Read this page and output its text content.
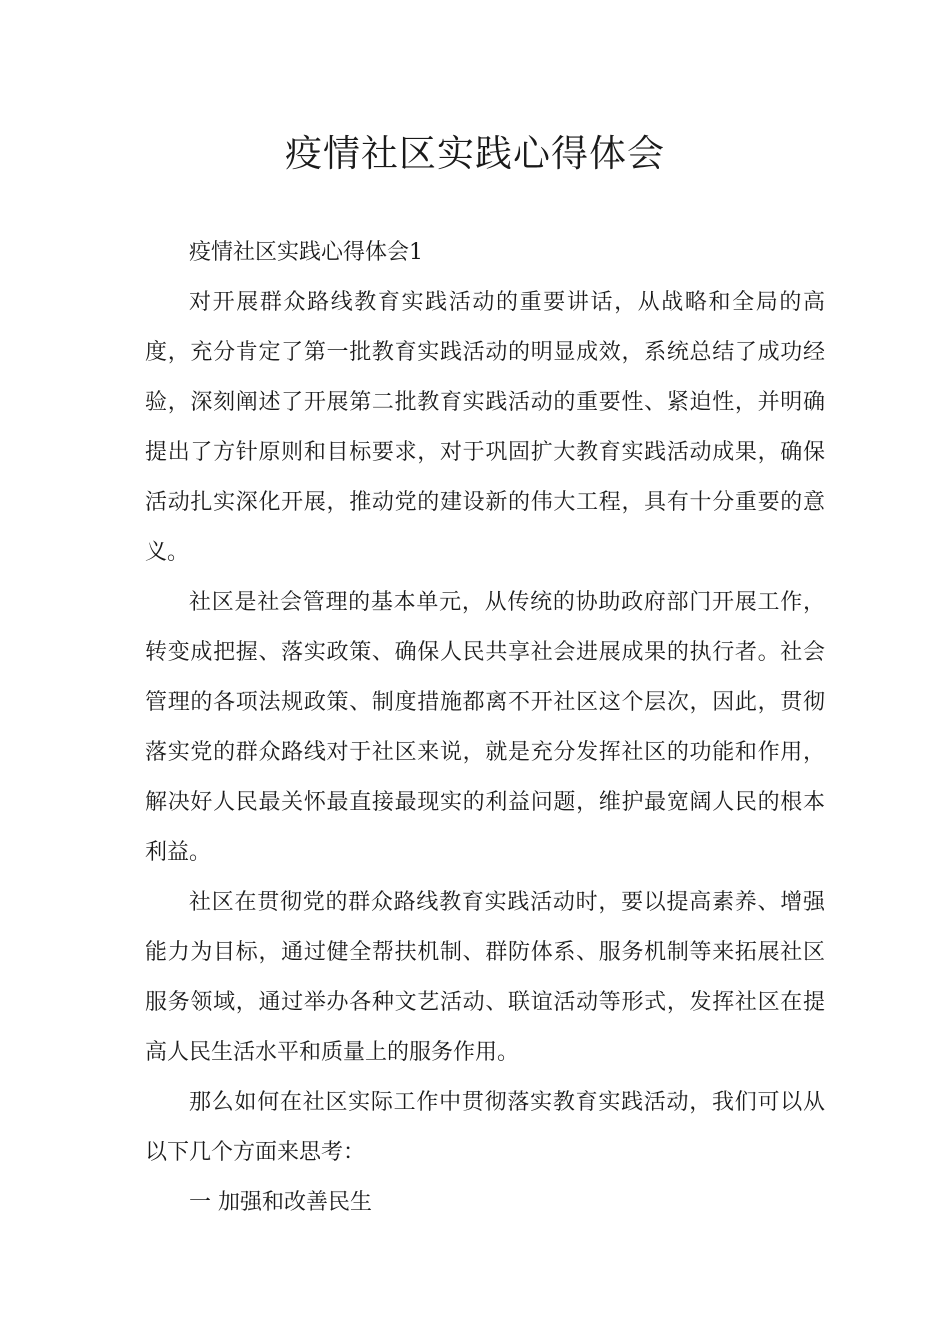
疫情社区实践心得体会

疫情社区实践心得体会1

对开展群众路线教育实践活动的重要讲话，从战略和全局的高度，充分肯定了第一批教育实践活动的明显成效，系统总结了成功经验，深刻阐述了开展第二批教育实践活动的重要性、紧迫性，并明确提出了方针原则和目标要求，对于巩固扩大教育实践活动成果，确保活动扎实深化开展，推动党的建设新的伟大工程，具有十分重要的意义。

社区是社会管理的基本单元，从传统的协助政府部门开展工作，转变成把握、落实政策、确保人民共享社会进展成果的执行者。社会管理的各项法规政策、制度措施都离不开社区这个层次，因此，贯彻落实党的群众路线对于社区来说，就是充分发挥社区的功能和作用，解决好人民最关怀最直接最现实的利益问题，维护最宽阔人民的根本利益。

社区在贯彻党的群众路线教育实践活动时，要以提高素养、增强能力为目标，通过健全帮扶机制、群防体系、服务机制等来拓展社区服务领域，通过举办各种文艺活动、联谊活动等形式，发挥社区在提高人民生活水平和质量上的服务作用。

那么如何在社区实际工作中贯彻落实教育实践活动，我们可以从以下几个方面来思考：

一 加强和改善民生
